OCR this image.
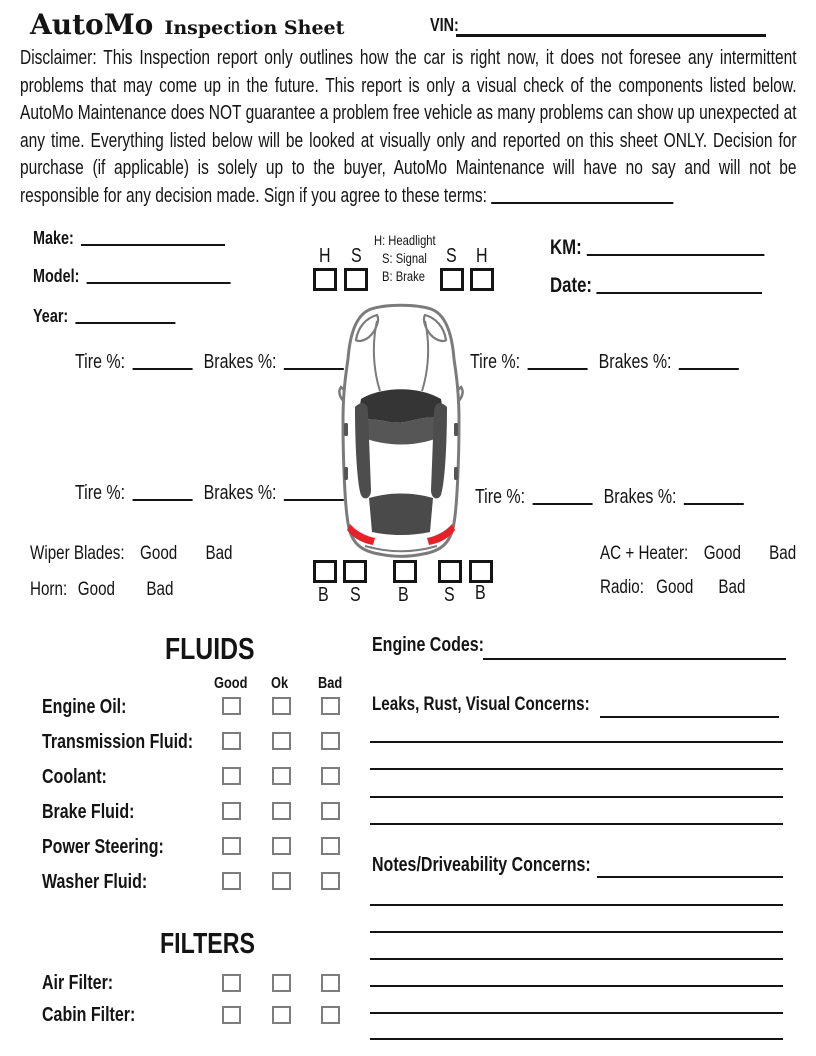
AutoMo Inspection Sheet	VIN:
Disclaimer: This Inspection report only outlines how the car is right now, it does not foresee any intermittent problems that may come up in the future. This report is only a visual check of the components listed below. AutoMo Maintenance does NOT guarantee a problem free vehicle as many problems can show up unexpected at any time. Everything listed below will be looked at visually only and reported on this sheet ONLY. Decision for purchase (if applicable) is solely up to the buyer, AutoMo Maintenance will have no say and will not be responsible for any decision made. Sign if you agree to these terms:
Make:
Model:
Year:
KM:
Date:
H S	S H
H: Headlight
S: Signal
B: Brake
Tire %:	Brakes %:	Tire %:	Brakes %:
Tire %:	Brakes %:	Tire %:	Brakes %:
Wiper Blades: Good Bad
Horn: Good Bad
AC + Heater: Good Bad
Radio: Good Bad
B S B S B
FLUIDS
Good Ok Bad
Engine Oil:
Transmission Fluid:
Coolant:
Brake Fluid:
Power Steering:
Washer Fluid:
FILTERS
Air Filter:
Cabin Filter:
Engine Codes:
Leaks, Rust, Visual Concerns:
Notes/Driveability Concerns:
